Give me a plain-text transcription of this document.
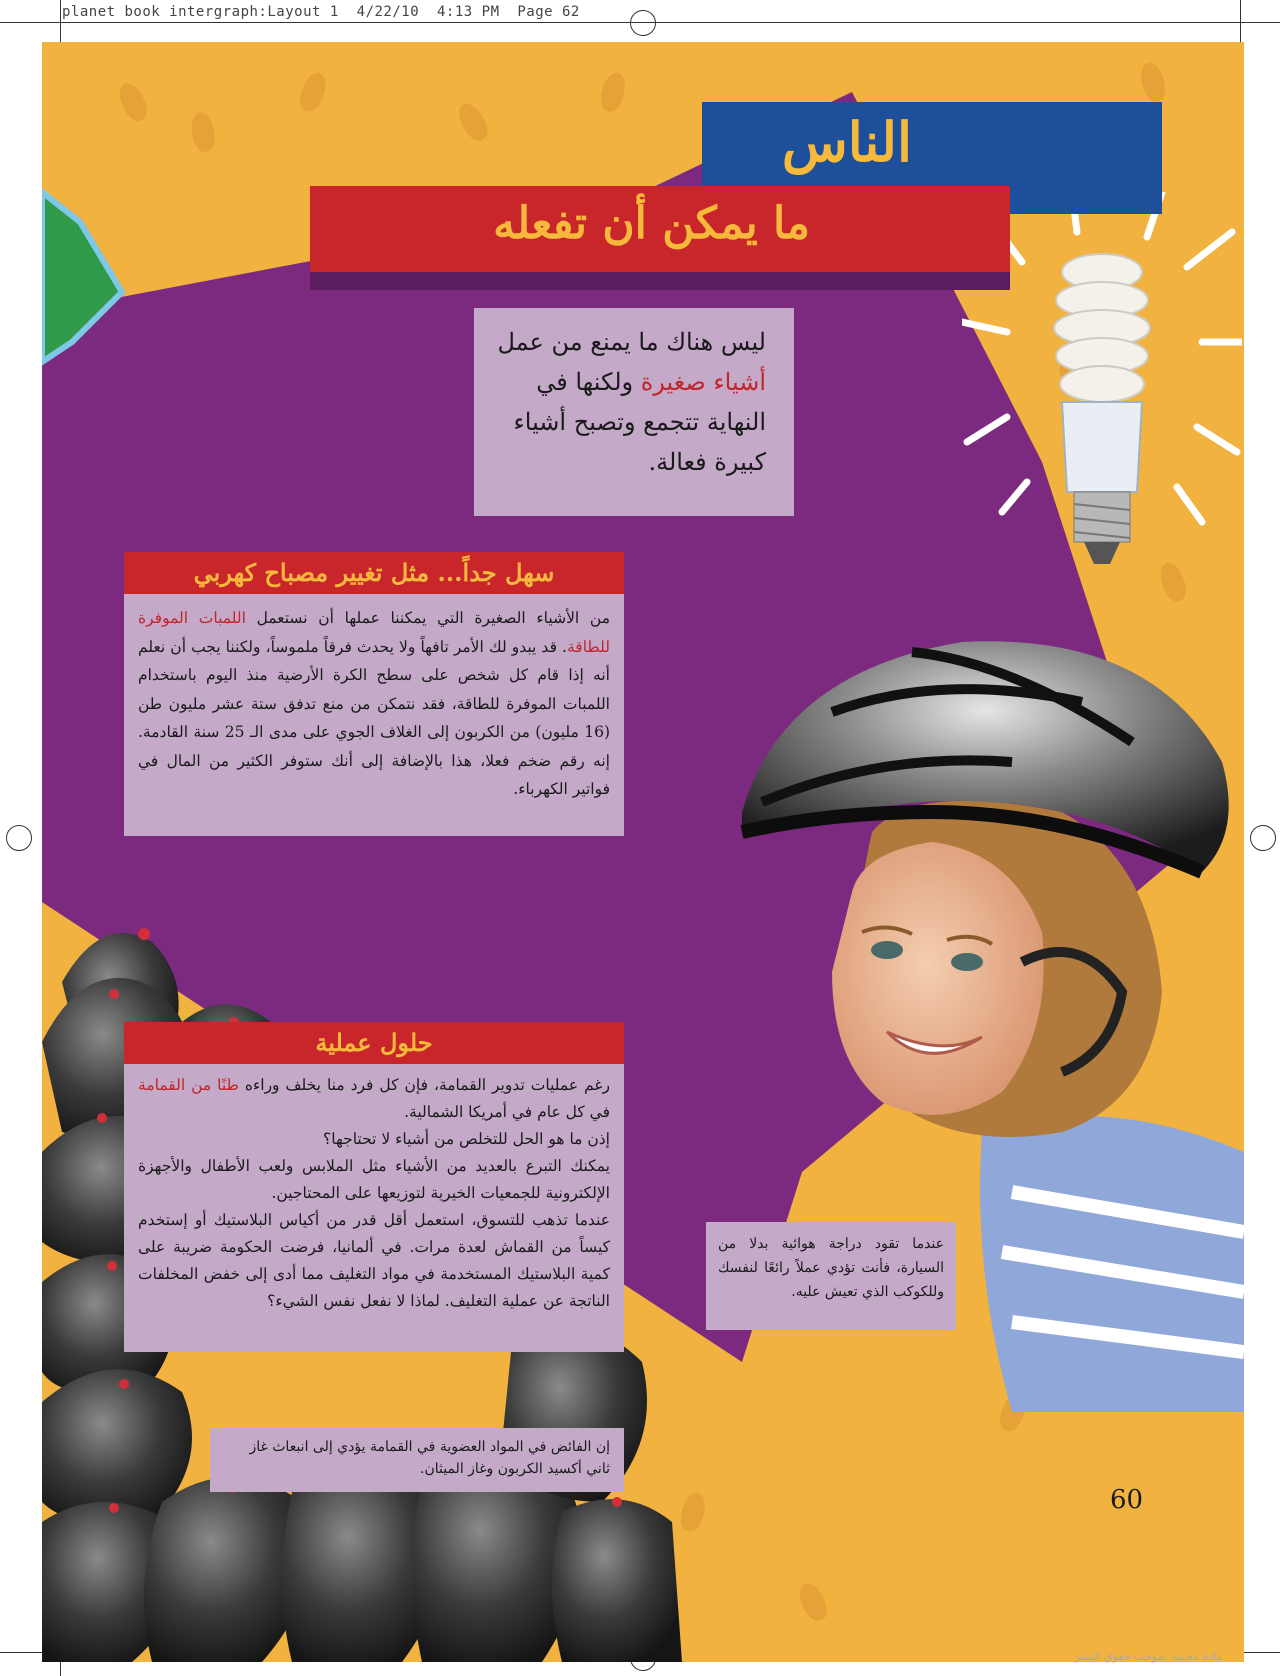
planet book intergraph:Layout 1  4/22/10  4:13 PM  Page 62
الناس
ما يمكن أن تفعله

ليس هناك ما يمنع من عمل

أشياء صغيرة ولكنها في

النهاية تتجمع وتصبح أشياء

كبيرة فعالة.

سهل جداً... مثل تغيير مصباح كهربي

من الأشياء الصغيرة التي يمكننا عملها أن نستعمل اللمبات الموفرة للطاقة. قد يبدو لك الأمر تافهاً ولا يحدث فرقاً ملموساً، ولكننا يجب أن نعلم أنه إذا قام كل شخص على سطح الكرة الأرضية منذ اليوم باستخدام اللمبات الموفرة للطاقة، فقد نتمكن من منع تدفق ستة عشر مليون طن (16 مليون) من الكربون إلى الغلاف الجوي على مدى الـ 25 سنة القادمة. إنه رقم ضخم فعلا، هذا بالإضافة إلى أنك ستوفر الكثير من المال في فواتير الكهرباء.

حلول عملية

رغم عمليات تدوير القمامة، فإن كل فرد منا يخلف وراءه طنًا من القمامة في كل عام في أمريكا الشمالية.

إذن ما هو الحل للتخلص من أشياء لا تحتاجها؟

يمكنك التبرع بالعديد من الأشياء مثل الملابس ولعب الأطفال والأجهزة الإلكترونية للجمعيات الخيرية لتوزيعها على المحتاجين.

عندما تذهب للتسوق، استعمل أقل قدر من أكياس البلاستيك أو إستخدم كيساً من القماش لعدة مرات. في ألمانيا، فرضت الحكومة ضريبة على كمية البلاستيك المستخدمة في مواد التغليف مما أدى إلى خفض المخلفات الناتجة عن عملية التغليف. لماذا لا نفعل نفس الشيء؟

عندما تقود دراجة هوائية بدلا من السيارة، فأنت تؤدي عملاً رائعًا لنفسك وللكوكب الذي تعيش عليه.

إن الفائض في المواد العضوية في القمامة يؤدي إلى انبعاث غاز ثاني أكسيد الكربون وغاز الميثان.

60
مادة محمية بموجب حقوق النشر
